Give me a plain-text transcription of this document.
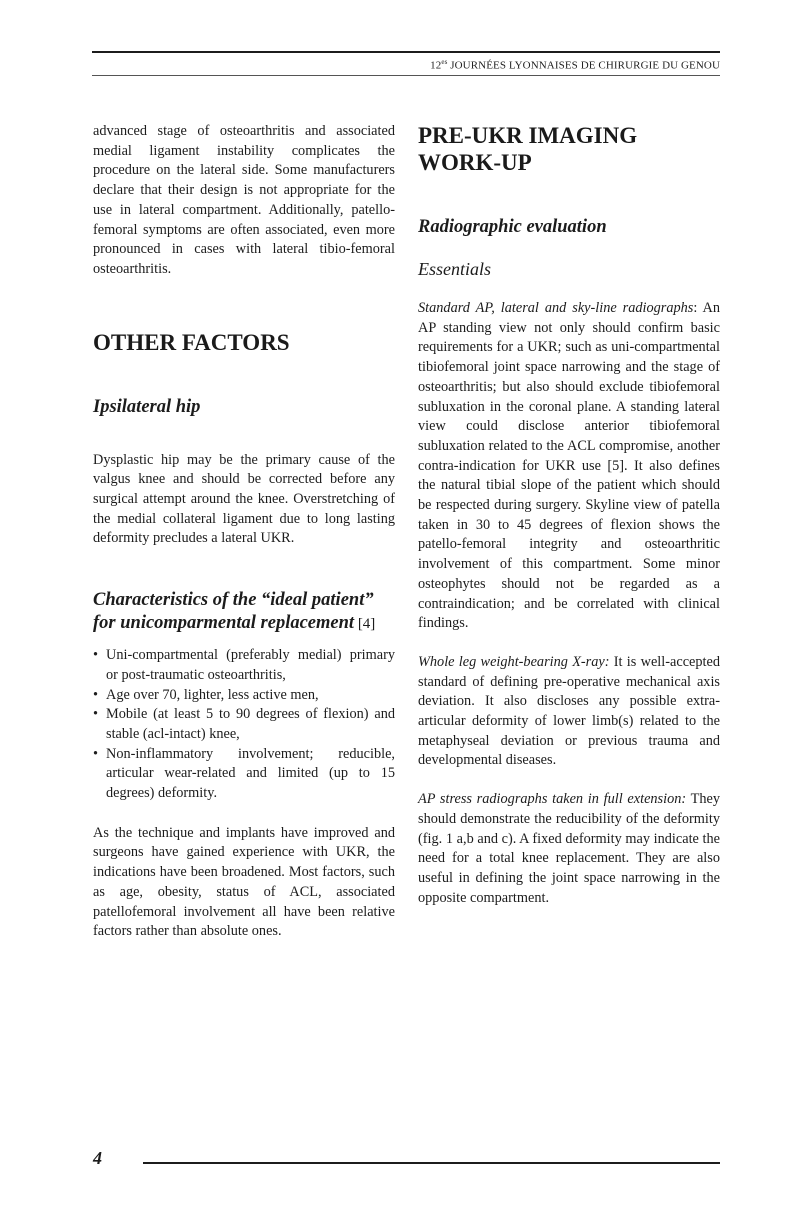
$12^{es}$ JOURNÉES LYONNAISES DE CHIRURGIE DU GENOU

advanced stage of osteoarthritis and associated medial ligament instability complicates the procedure on the lateral side. Some manufacturers declare that their design is not appropriate for the use in lateral compartment. Additionally, patello-femoral symptoms are often associated, even more pronounced in cases with lateral tibio-femoral osteoarthritis.

OTHER FACTORS
Ipsilateral hip

Dysplastic hip may be the primary cause of the valgus knee and should be corrected before any surgical attempt around the knee. Overstretching of the medial collateral ligament due to long lasting deformity precludes a lateral UKR.

Characteristics of the “ideal patient” for unicomparmental replacement [4]
• Uni-compartmental (preferably medial) primary or post-traumatic osteoarthritis,
• Age over 70, lighter, less active men,
• Mobile (at least 5 to 90 degrees of flexion) and stable (acl-intact) knee,
• Non-inflammatory involvement; reducible, articular wear-related and limited (up to 15 degrees) deformity.

As the technique and implants have improved and surgeons have gained experience with UKR, the indications have been broadened. Most factors, such as age, obesity, status of ACL, associated patellofemoral involvement all have been relative factors rather than absolute ones.

PRE-UKR IMAGING
WORK-UP
Radiographic evaluation
Essentials

Standard AP, lateral and sky-line radiographs: An AP standing view not only should confirm basic requirements for a UKR; such as uni-compartmental tibiofemoral joint space narrowing and the stage of osteoarthritis; but also should exclude tibiofemoral subluxation in the coronal plane. A standing lateral view could disclose anterior tibiofemoral subluxation related to the ACL compromise, another contra-indication for UKR use [5]. It also defines the natural tibial slope of the patient which should be respected during surgery. Skyline view of patella taken in 30 to 45 degrees of flexion shows the patello-femoral integrity and osteoarthritic involvement of this compartment. Some minor osteophytes should not be regarded as a contraindication; and be correlated with clinical findings.

Whole leg weight-bearing X-ray: It is well-accepted standard of defining pre-operative mechanical axis deviation. It also discloses any possible extra-articular deformity of lower limb(s) related to the metaphyseal deviation or previous trauma and developmental diseases.

AP stress radiographs taken in full extension: They should demonstrate the reducibility of the deformity (fig. 1 a,b and c). A fixed deformity may indicate the need for a total knee replacement. They are also useful in defining the joint space narrowing in the opposite compartment.

4
